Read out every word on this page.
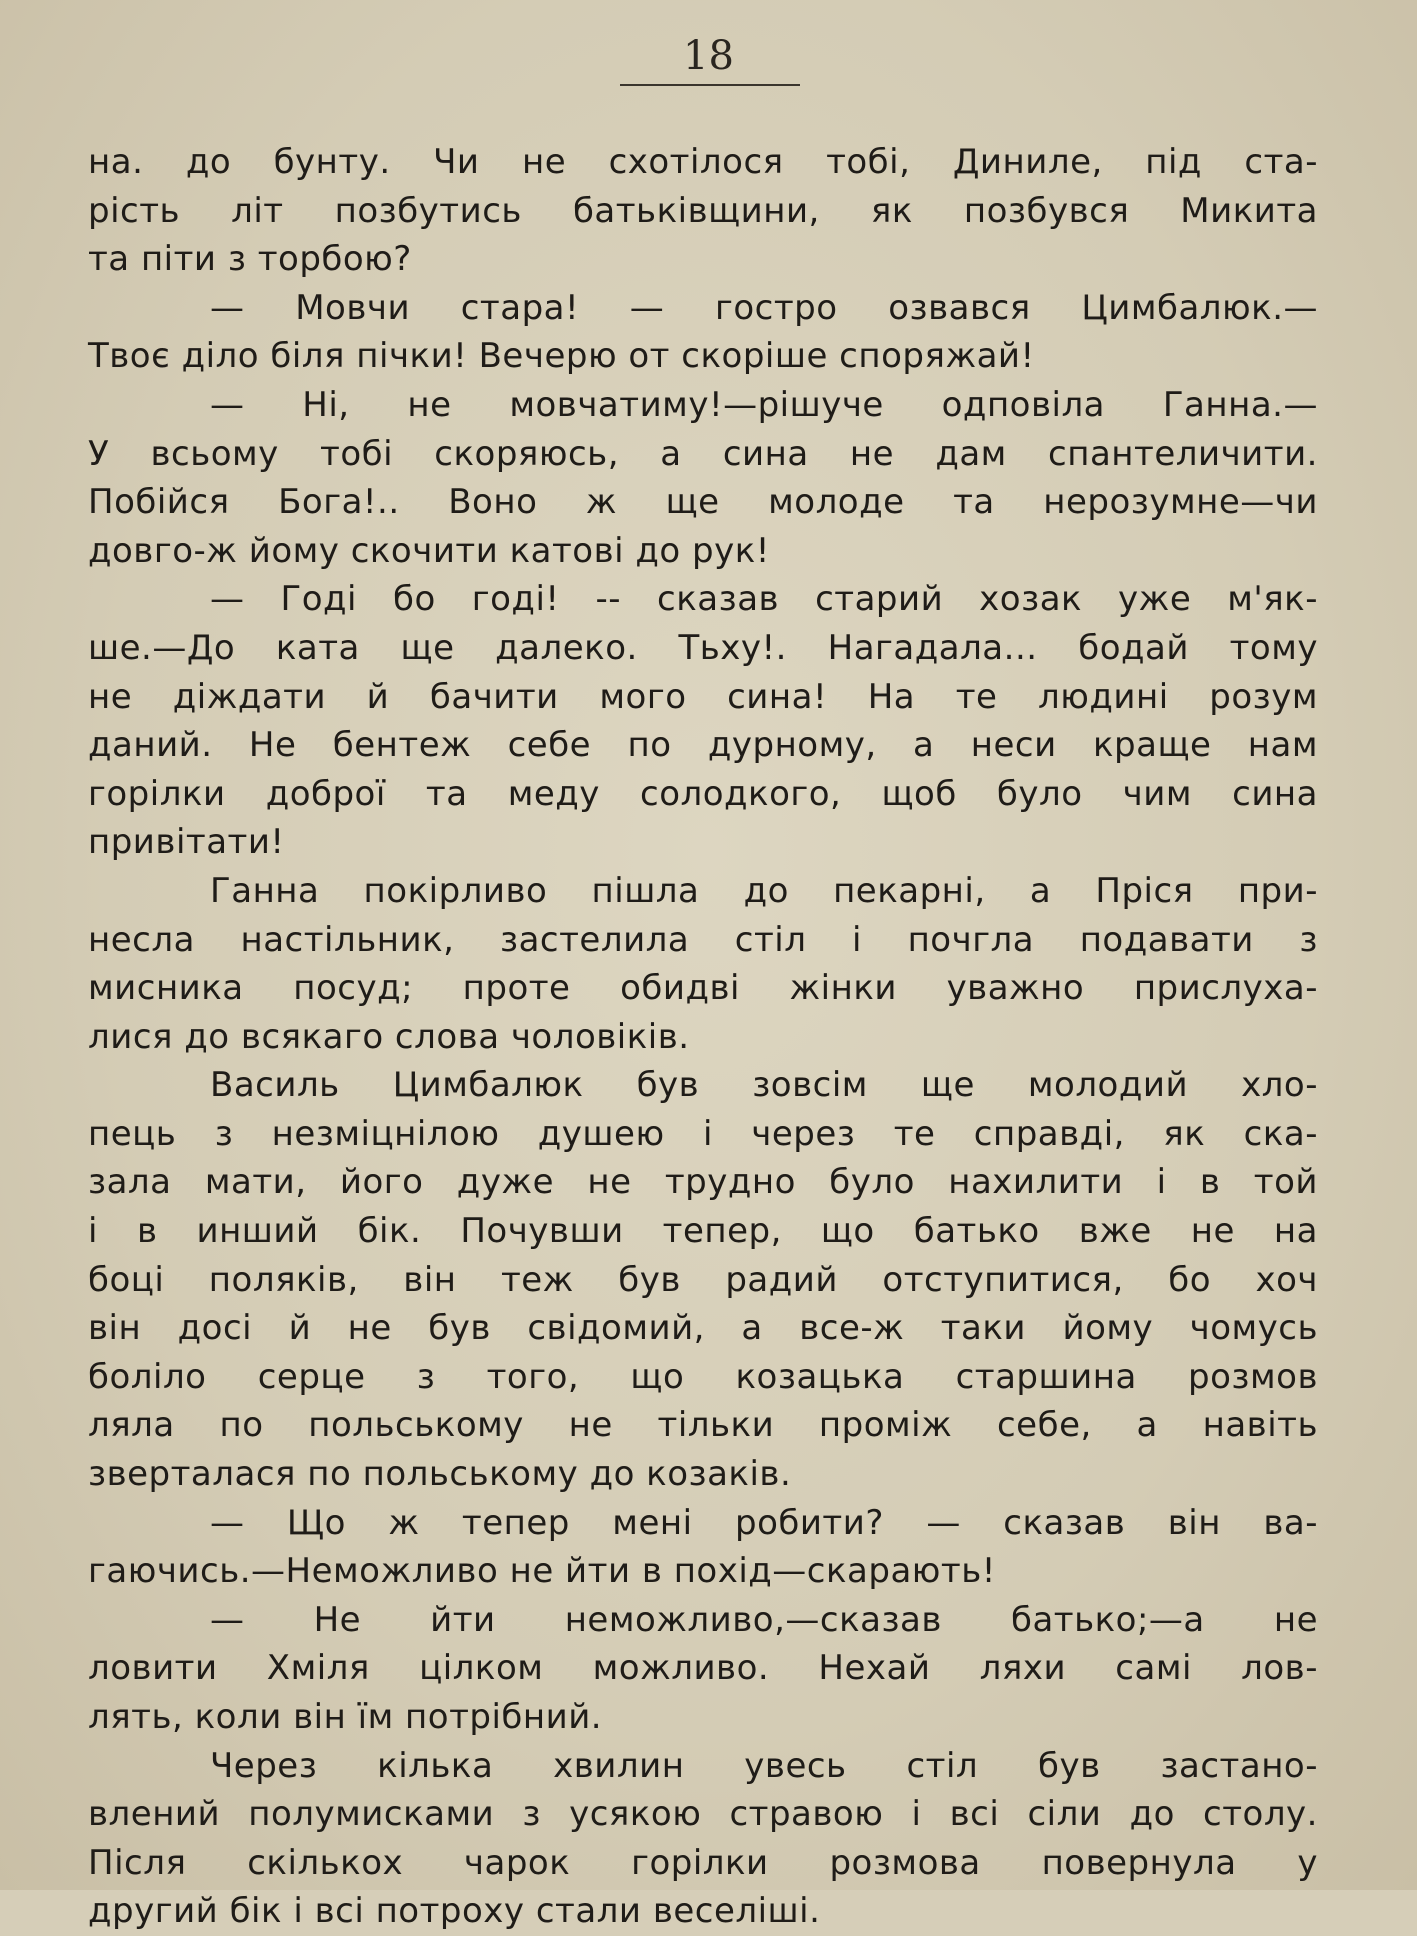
18

на. до бунту. Чи не схотілося тобі, Диниле, під ста-
рість літ позбутись батьківщини, як позбувся Микита
та піти з торбою?
— Мовчи стара! — гостро озвався Цимбалюк.—
Твоє діло біля пічки! Вечерю от скоріше споряжай!
— Ні, не мовчатиму!—рішуче одповіла Ганна.—
У всьому тобі скоряюсь, а сина не дам спантеличити.
Побійся Бога!.. Воно ж ще молоде та нерозумне—чи
довго-ж йому скочити катові до рук!
— Годі бо годі! -- сказав старий хозак уже м'як-
ше.—До ката ще далеко. Тьху!. Нагадала... бодай тому
не діждати й бачити мого сина! На те людині розум
даний. Не бентеж себе по дурному, а неси краще нам
горілки доброї та меду солодкого, щоб було чим сина
привітати!
Ганна покірливо пішла до пекарні, а Пріся при-
несла настільник, застелила стіл і почгла подавати з
мисника посуд; проте обидві жінки уважно прислуха-
лися до всякаго слова чоловіків.
Василь Цимбалюк був зовсім ще молодий хло-
пець з незміцнілою душею і через те справді, як ска-
зала мати, його дуже не трудно було нахилити і в той
і в инший бік. Почувши тепер, що батько вже не на
боці поляків, він теж був радий отступитися, бо хоч
він досі й не був свідомий, а все-ж таки йому чомусь
боліло серце з того, що козацька старшина розмов
ляла по польському не тільки проміж себе, а навіть
зверталася по польському до козаків.
— Що ж тепер мені робити? — сказав він ва-
гаючись.—Неможливо не йти в похід—скарають!
— Не йти неможливо,—сказав батько;—а не
ловити Хміля цілком можливо. Нехай ляхи самі лов-
лять, коли він їм потрібний.
Через кілька хвилин увесь стіл був застано-
влений полумисками з усякою стравою і всі сіли до столу.
Після скількох чарок горілки розмова повернула у
другий бік і всі потроху стали веселіші.
